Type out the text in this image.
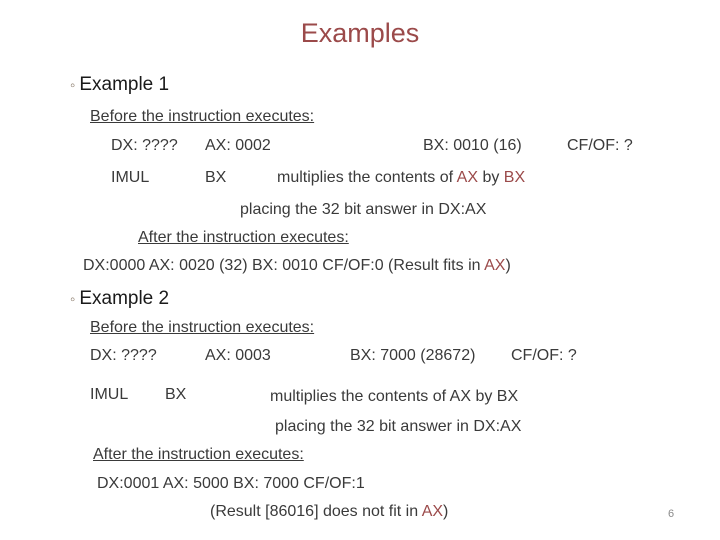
Examples
◦ Example 1
Before the instruction executes:
DX: ???? AX: 0002	BX: 0010 (16)	CF/OF: ?
IMUL	BX	multiplies the contents of AX by BX
placing the 32 bit answer in DX:AX
After the instruction executes:
DX:0000 AX: 0020 (32) BX: 0010 CF/OF:0 (Result fits in AX)
◦ Example 2
Before the instruction executes:
DX: ????	AX: 0003	BX: 7000 (28672) CF/OF: ?
IMUL BX	multiplies the contents of AX by BX
placing the 32 bit answer in DX:AX
After the instruction executes:
DX:0001 AX: 5000 BX: 7000 CF/OF:1
(Result [86016] does not fit in AX)	6
